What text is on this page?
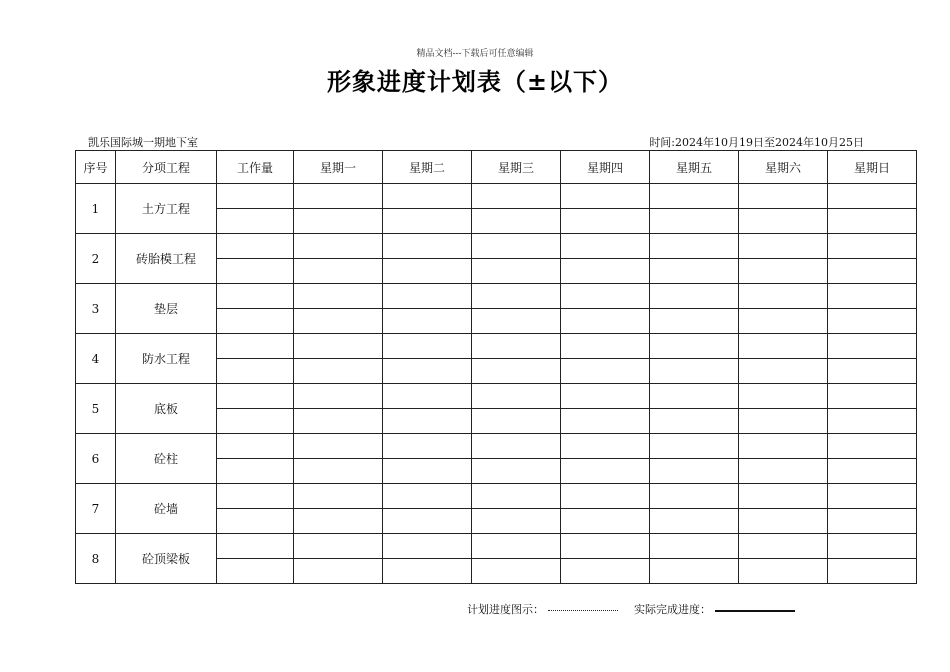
精品文档---下载后可任意编辑
形象进度计划表（±以下）
凯乐国际城一期地下室	时间:2024年10月19日至2024年10月25日
序号	分项工程	工作量	星期一	星期二	星期三	星期四	星期五	星期六	星期日
1	土方工程								

2	砖胎模工程								

3	垫层								

4	防水工程								

5	底板								

6	砼柱								

7	砼墙								

8	砼顶梁板								

计划进度图示：	实际完成进度：
